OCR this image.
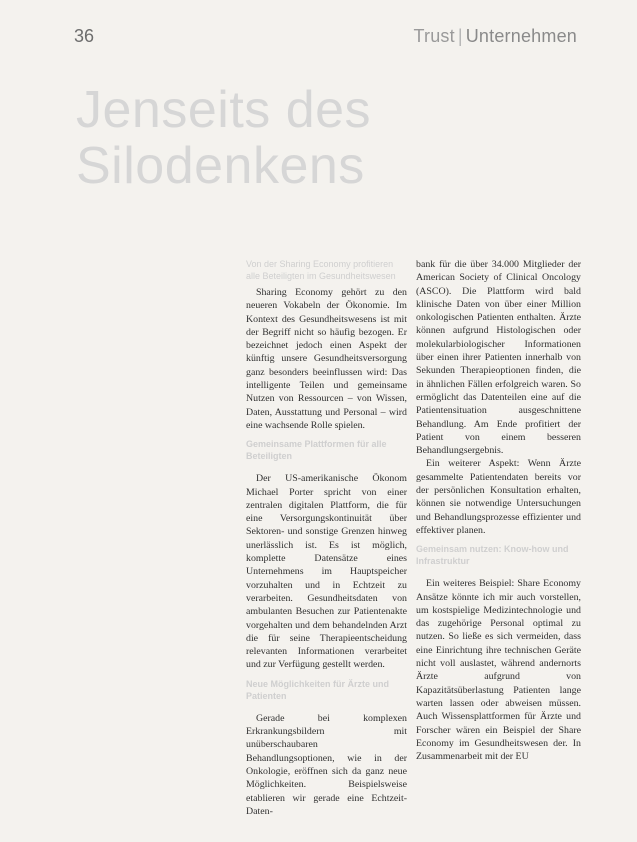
36	Trust | Unternehmen
Jenseits des
Silodenkens

Von der Sharing Economy profitieren alle Beteiligten im Gesundheitswesen

Sharing Economy gehört zu den neueren Vokabeln der Ökonomie. Im Kontext des Gesundheitswesens ist mit der Begriff nicht so häufig bezogen. Er bezeichnet jedoch einen Aspekt der künftig unsere Gesundheitsversorgung ganz besonders beeinflussen wird: Das intelligente Teilen und gemeinsame Nutzen von Ressourcen – von Wissen, Daten, Ausstattung und Personal – wird eine wachsende Rolle spielen.

Gemeinsame Plattformen für alle Beteiligten

Der US-amerikanische Ökonom Michael Porter spricht von einer zentralen digitalen Plattform, die für eine Versorgungskontinuität über Sektoren- und sonstige Grenzen hinweg unerlässlich ist. Es ist möglich, komplette Datensätze eines Unternehmens im Hauptspeicher vorzuhalten und in Echtzeit zu verarbeiten. Gesundheitsdaten von ambulanten Besuchen zur Patientenakte vorgehalten und dem behandelnden Arzt die für seine Therapieentscheidung relevanten Informationen verarbeitet und zur Verfügung gestellt werden.

Neue Möglichkeiten für Ärzte und Patienten

Gerade bei komplexen Erkrankungsbildern mit unüberschaubaren Behandlungsoptionen, wie in der Onkologie, eröffnen sich da ganz neue Möglichkeiten. Beispielsweise etablieren wir gerade eine Echtzeit-Daten-

bank für die über 34.000 Mitglieder der American Society of Clinical Oncology (ASCO). Die Plattform wird bald klinische Daten von über einer Million onkologischen Patienten enthalten. Ärzte können aufgrund Histologischen oder molekularbiologischer Informationen über einen ihrer Patienten innerhalb von Sekunden Therapieoptionen finden, die in ähnlichen Fällen erfolgreich waren. So ermöglicht das Datenteilen eine auf die Patientensituation ausgeschnittene Behandlung. Am Ende profitiert der Patient von einem besseren Behandlungsergebnis.

Ein weiterer Aspekt: Wenn Ärzte gesammelte Patientendaten bereits vor der persönlichen Konsultation erhalten, können sie notwendige Untersuchungen und Behandlungsprozesse effizienter und effektiver planen.

Gemeinsam nutzen: Know-how und Infrastruktur

Ein weiteres Beispiel: Share Economy Ansätze könnte ich mir auch vorstellen, um kostspielige Medizintechnologie und das zugehörige Personal optimal zu nutzen. So ließe es sich vermeiden, dass eine Einrichtung ihre technischen Geräte nicht voll auslastet, während andernorts Ärzte aufgrund von Kapazitätsüberlastung Patienten lange warten lassen oder abweisen müssen. Auch Wissensplattformen für Ärzte und Forscher wären ein Beispiel der Share Economy im Gesundheitswesen der. In Zusammenarbeit mit der EU
